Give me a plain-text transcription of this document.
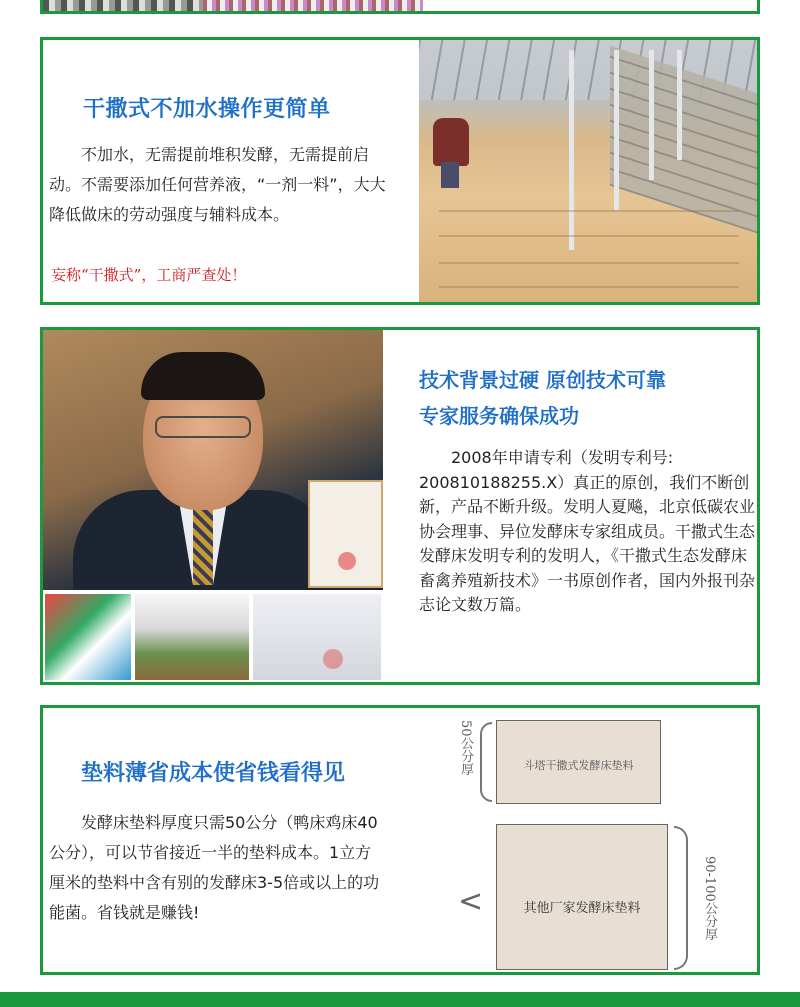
干撒式不加水操作更简单
不加水，无需提前堆积发酵，无需提前启动。不需要添加任何营养液，“一剂一料”，大大降低做床的劳动强度与辅料成本。
妄称“干撒式”，工商严查处！
技术背景过硬 原创技术可靠
专家服务确保成功
2008年申请专利（发明专利号: 200810188255.X）真正的原创，我们不断创新，产品不断升级。发明人夏飚，北京低碳农业协会理事、异位发酵床专家组成员。干撒式生态发酵床发明专利的发明人，《干撒式生态发酵床畜禽养殖新技术》一书原创作者，国内外报刊杂志论文数万篇。
垫料薄省成本使省钱看得见
发酵床垫料厚度只需50公分（鸭床鸡床40公分），可以节省接近一半的垫料成本。1立方厘米的垫料中含有别的发酵床3-5倍或以上的功能菌。省钱就是赚钱!
50公分厚	斗塔干撒式发酵床垫料
<	其他厂家发酵床垫料	90-100公分厚
